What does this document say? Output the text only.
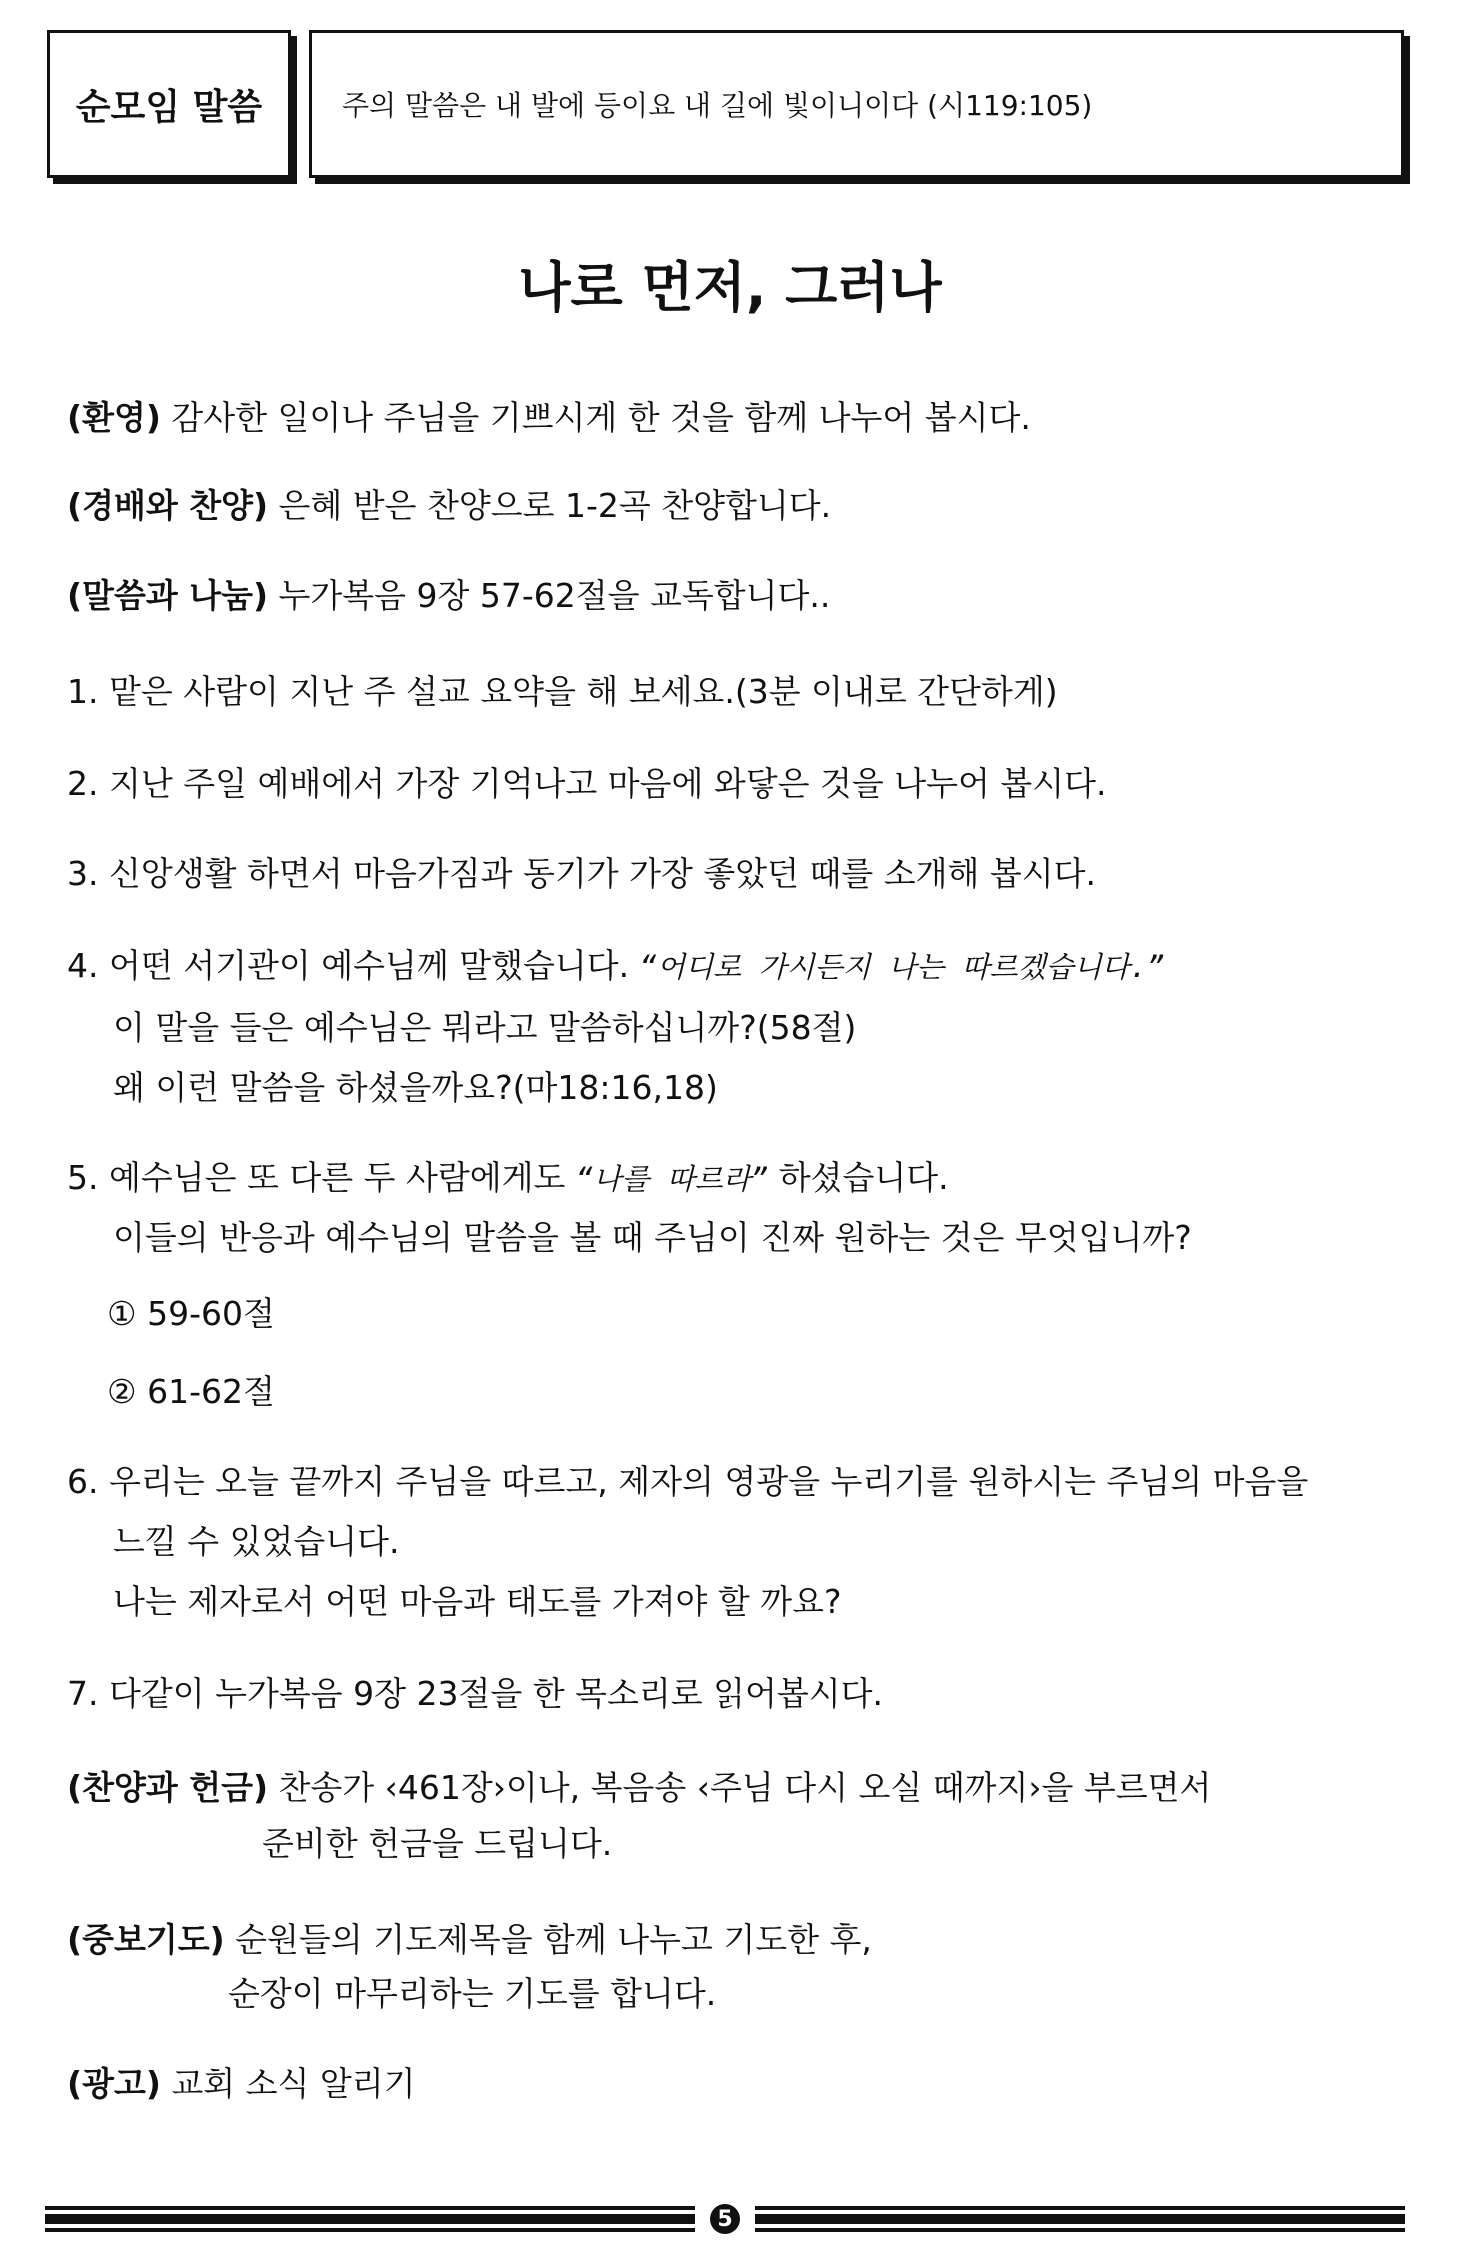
순모임 말씀	주의 말씀은 내 발에 등이요 내 길에 빛이니이다 (시119:105)
나로 먼저, 그러나
(환영) 감사한 일이나 주님을 기쁘시게 한 것을 함께 나누어 봅시다.
(경배와 찬양) 은혜 받은 찬양으로 1-2곡 찬양합니다.
(말씀과 나눔) 누가복음 9장 57-62절을 교독합니다..
1. 맡은 사람이 지난 주 설교 요약을 해 보세요.(3분 이내로 간단하게)
2. 지난 주일 예배에서 가장 기억나고 마음에 와닿은 것을 나누어 봅시다.
3. 신앙생활 하면서 마음가짐과 동기가 가장 좋았던 때를 소개해 봅시다.
4. 어떤 서기관이 예수님께 말했습니다. “어디로 가시든지 나는 따르겠습니다.”
이 말을 들은 예수님은 뭐라고 말씀하십니까?(58절)
왜 이런 말씀을 하셨을까요?(마18:16,18)
5. 예수님은 또 다른 두 사람에게도 “나를 따르라” 하셨습니다.
이들의 반응과 예수님의 말씀을 볼 때 주님이 진짜 원하는 것은 무엇입니까?
① 59-60절
② 61-62절
6. 우리는 오늘 끝까지 주님을 따르고, 제자의 영광을 누리기를 원하시는 주님의 마음을
느낄 수 있었습니다.
나는 제자로서 어떤 마음과 태도를 가져야 할 까요?
7. 다같이 누가복음 9장 23절을 한 목소리로 읽어봅시다.
(찬양과 헌금) 찬송가 ‹461장›이나, 복음송 ‹주님 다시 오실 때까지›을 부르면서
준비한 헌금을 드립니다.
(중보기도) 순원들의 기도제목을 함께 나누고 기도한 후,
순장이 마무리하는 기도를 합니다.
(광고) 교회 소식 알리기
5
